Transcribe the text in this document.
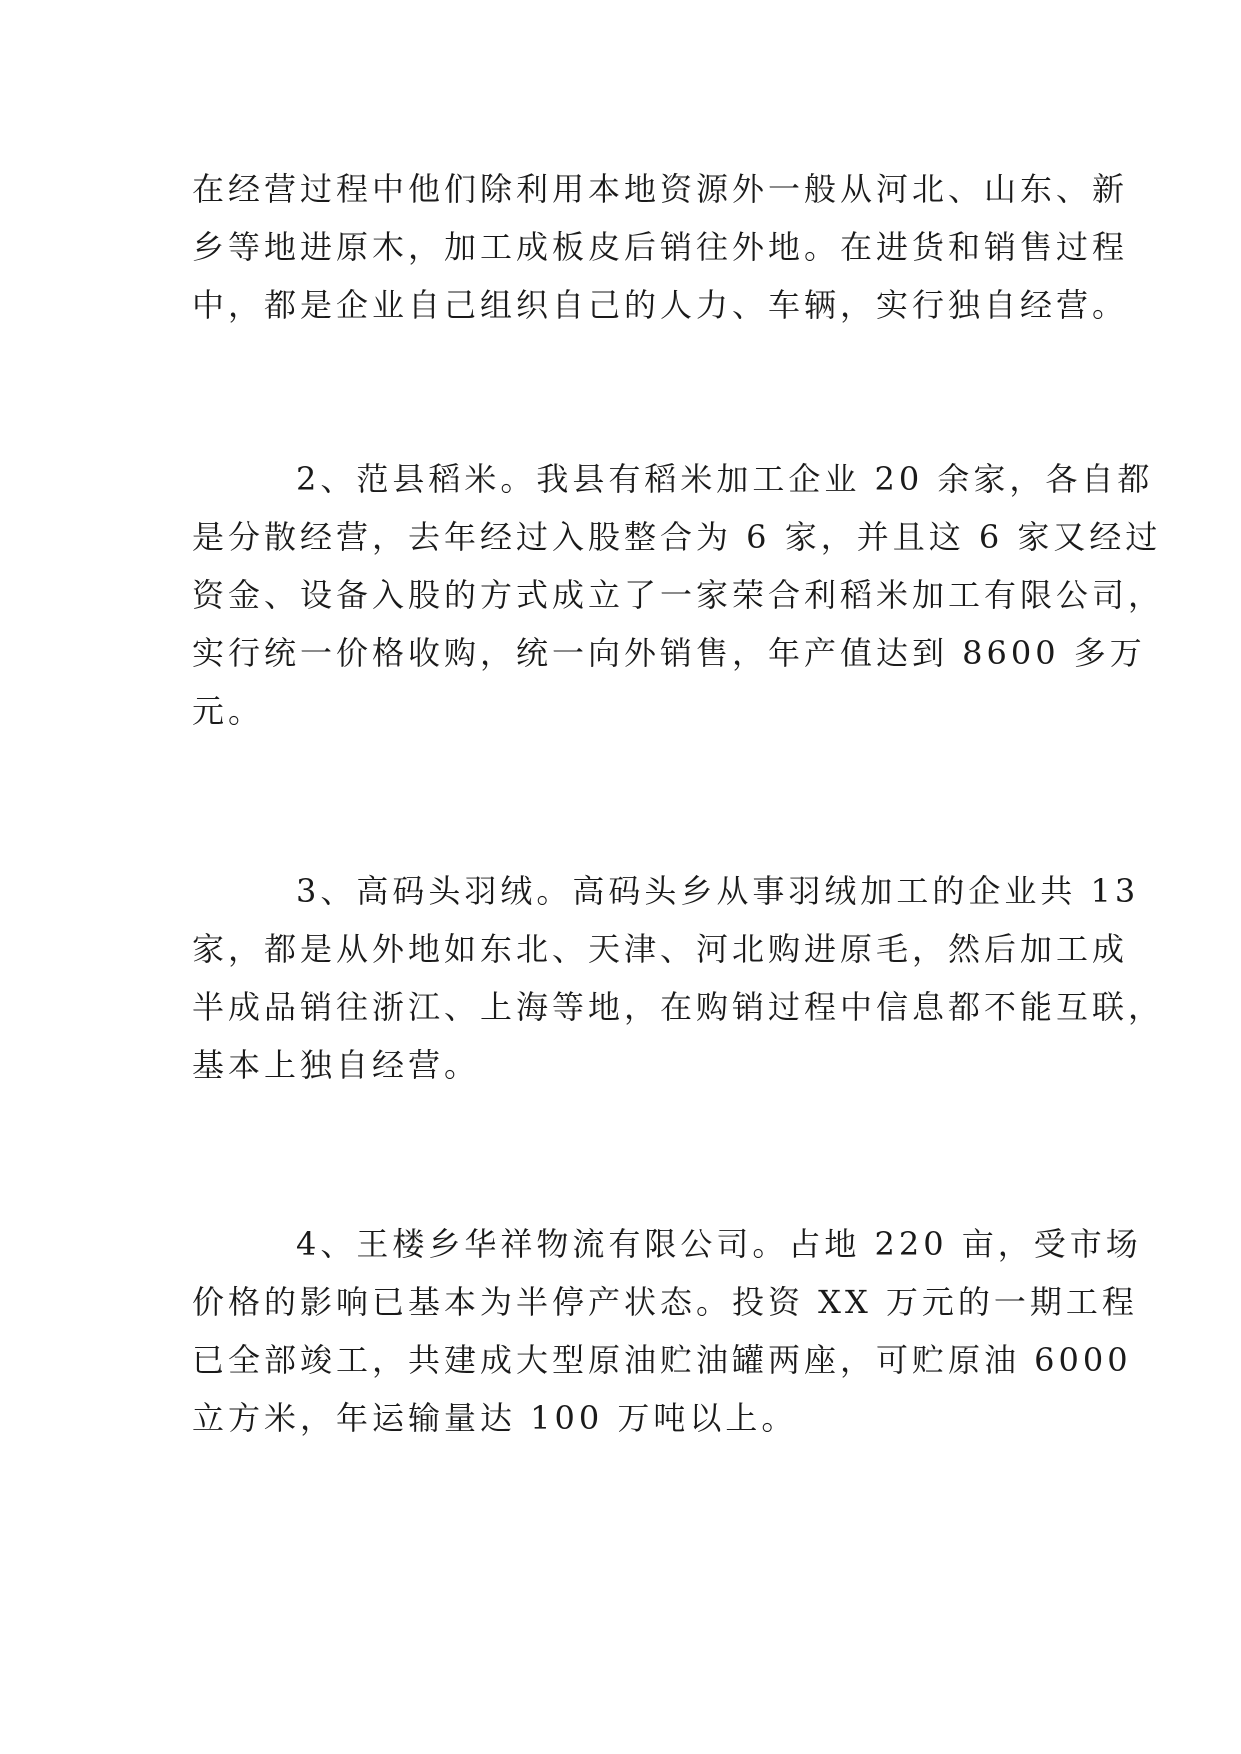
在经营过程中他们除利用本地资源外一般从河北、山东、新
乡等地进原木，加工成板皮后销往外地。在进货和销售过程
中，都是企业自己组织自己的人力、车辆，实行独自经营。

2、范县稻米。我县有稻米加工企业 20 余家，各自都
是分散经营，去年经过入股整合为 6 家，并且这 6 家又经过
资金、设备入股的方式成立了一家荣合利稻米加工有限公司，
实行统一价格收购，统一向外销售，年产值达到 8600 多万
元。

3、高码头羽绒。高码头乡从事羽绒加工的企业共 13
家，都是从外地如东北、天津、河北购进原毛，然后加工成
半成品销往浙江、上海等地，在购销过程中信息都不能互联，
基本上独自经营。

4、王楼乡华祥物流有限公司。占地 220 亩，受市场
价格的影响已基本为半停产状态。投资 XX 万元的一期工程
已全部竣工，共建成大型原油贮油罐两座，可贮原油 6000
立方米，年运输量达 100 万吨以上。
